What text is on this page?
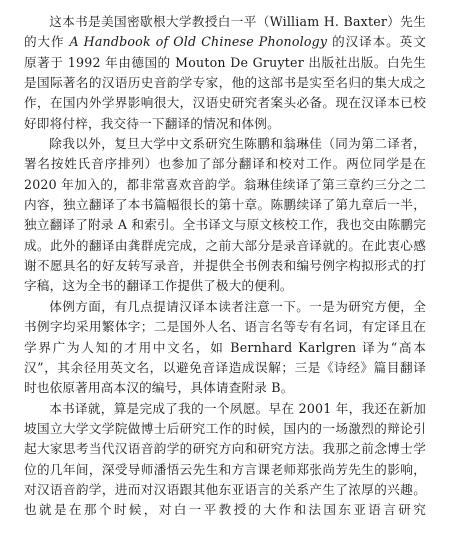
这本书是美国密歇根大学教授白一平（William H. Baxter）先生的大作 A Handbook of Old Chinese Phonology 的汉译本。英文原著于 1992 年由德国的 Mouton De Gruyter 出版社出版。白先生是国际著名的汉语历史音韵学专家，他的这部书是实至名归的集大成之作，在国内外学界影响很大，汉语史研究者案头必备。现在汉译本已校好即将付梓，我交待一下翻译的情况和体例。

除我以外，复旦大学中文系研究生陈鹏和翁琳佳（同为第二译者，署名按姓氏音序排列）也参加了部分翻译和校对工作。两位同学是在 2020 年加入的，都非常喜欢音韵学。翁琳佳续译了第三章约三分之二内容，独立翻译了本书篇幅很长的第十章。陈鹏续译了第九章后一半，独立翻译了附录 A 和索引。全书译文与原文核校工作，我也交由陈鹏完成。此外的翻译由龚群虎完成，之前大部分是录音译就的。在此衷心感谢不愿具名的好友转写录音，并提供全书例表和编号例字构拟形式的打字稿，这为全书的翻译工作提供了极大的便利。

体例方面，有几点提请汉译本读者注意一下。一是为研究方便，全书例字均采用繁体字；二是国外人名、语言名等专有名词，有定译且在学界广为人知的才用中文名，如 Bernhard Karlgren 译为“高本汉”，其余径用英文名，以避免音译造成误解；三是《诗经》篇目翻译时也依原著用高本汉的编号，具体请查附录 B。

本书译就，算是完成了我的一个夙愿。早在 2001 年，我还在新加坡国立大学文学院做博士后研究工作的时候，国内的一场激烈的辩论引起大家思考当代汉语音韵学的研究方向和研究方法。我那之前念博士学位的几年间，深受导师潘悟云先生和方言课老师郑张尚芳先生的影响，对汉语音韵学，进而对汉语跟其他东亚语言的关系产生了浓厚的兴趣。也就是在那个时候，对白一平教授的大作和法国东亚语言研究
